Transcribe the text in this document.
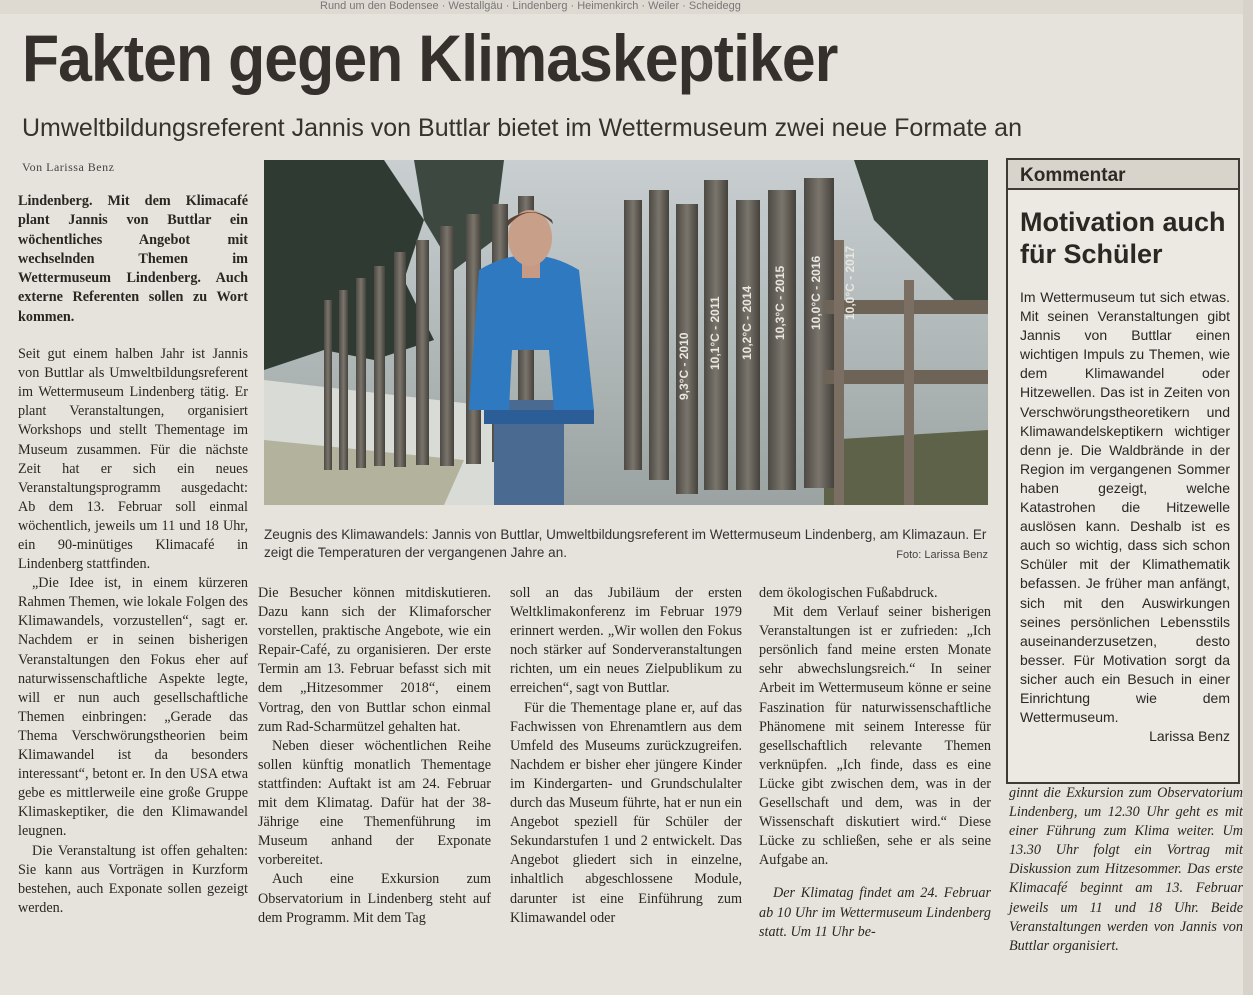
Rund um den Bodensee · Westallgäu · Lindenberg · Heimenkirch · Weiler · Scheidegg
Fakten gegen Klimaskeptiker
Umweltbildungsreferent Jannis von Buttlar bietet im Wettermuseum zwei neue Formate an
Von Larissa Benz

Lindenberg. Mit dem Klimacafé plant Jannis von Buttlar ein wöchentliches Angebot mit wechselnden Themen im Wettermuseum Lindenberg. Auch externe Referenten sollen zu Wort kommen.

Seit gut einem halben Jahr ist Jannis von Buttlar als Umweltbildungsreferent im Wettermuseum Lindenberg tätig. Er plant Veranstaltungen, organisiert Workshops und stellt Thementage im Museum zusammen. Für die nächste Zeit hat er sich ein neues Veranstaltungsprogramm ausgedacht: Ab dem 13. Februar soll einmal wöchentlich, jeweils um 11 und 18 Uhr, ein 90-minütiges Klimacafé in Lindenberg stattfinden.

„Die Idee ist, in einem kürzeren Rahmen Themen, wie lokale Folgen des Klimawandels, vorzustellen“, sagt er. Nachdem er in seinen bisherigen Veranstaltungen den Fokus eher auf naturwissenschaftliche Aspekte legte, will er nun auch gesellschaftliche Themen einbringen: „Gerade das Thema Verschwörungstheorien beim Klimawandel ist da besonders interessant“, betont er. In den USA etwa gebe es mittlerweile eine große Gruppe Klimaskeptiker, die den Klimawandel leugnen.

Die Veranstaltung ist offen gehalten: Sie kann aus Vorträgen in Kurzform bestehen, auch Exponate sollen gezeigt werden.

9,3°C - 2010 10,1°C - 2011 10,2°C - 2014 10,3°C - 2015 10,0°C - 2016 10,0°C - 2017
Zeugnis des Klimawandels: Jannis von Buttlar, Umweltbildungsreferent im Wettermuseum Lindenberg, am Klimazaun. Er zeigt die Temperaturen der vergangenen Jahre an.	Foto: Larissa Benz

Die Besucher können mitdiskutieren. Dazu kann sich der Klimaforscher vorstellen, praktische Angebote, wie ein Repair-Café, zu organisieren. Der erste Termin am 13. Februar befasst sich mit dem „Hitzesommer 2018“, einem Vortrag, den von Buttlar schon einmal zum Rad-Scharmützel gehalten hat.

Neben dieser wöchentlichen Reihe sollen künftig monatlich Thementage stattfinden: Auftakt ist am 24. Februar mit dem Klimatag. Dafür hat der 38-Jährige eine Themenführung im Museum anhand der Exponate vorbereitet.

Auch eine Exkursion zum Observatorium in Lindenberg steht auf dem Programm. Mit dem Tag

soll an das Jubiläum der ersten Weltklimakonferenz im Februar 1979 erinnert werden. „Wir wollen den Fokus noch stärker auf Sonderveranstaltungen richten, um ein neues Zielpublikum zu erreichen“, sagt von Buttlar.

Für die Thementage plane er, auf das Fachwissen von Ehrenamtlern aus dem Umfeld des Museums zurückzugreifen. Nachdem er bisher eher jüngere Kinder im Kindergarten- und Grundschulalter durch das Museum führte, hat er nun ein Angebot speziell für Schüler der Sekundarstufen 1 und 2 entwickelt. Das Angebot gliedert sich in einzelne, inhaltlich abgeschlossene Module, darunter ist eine Einführung zum Klimawandel oder

dem ökologischen Fußabdruck.

Mit dem Verlauf seiner bisherigen Veranstaltungen ist er zufrieden: „Ich persönlich fand meine ersten Monate sehr abwechslungsreich.“ In seiner Arbeit im Wettermuseum könne er seine Faszination für naturwissenschaftliche Phänomene mit seinem Interesse für gesellschaftlich relevante Themen verknüpfen. „Ich finde, dass es eine Lücke gibt zwischen dem, was in der Gesellschaft und dem, was in der Wissenschaft diskutiert wird.“ Diese Lücke zu schließen, sehe er als seine Aufgabe an.

Der Klimatag findet am 24. Februar ab 10 Uhr im Wettermuseum Lindenberg statt. Um 11 Uhr be-

ginnt die Exkursion zum Observatorium Lindenberg, um 12.30 Uhr geht es mit einer Führung zum Klima weiter. Um 13.30 Uhr folgt ein Vortrag mit Diskussion zum Hitzesommer. Das erste Klimacafé beginnt am 13. Februar jeweils um 11 und 18 Uhr. Beide Veranstaltungen werden von Jannis von Buttlar organisiert.

Kommentar
Motivation auch für Schüler
Im Wettermuseum tut sich etwas. Mit seinen Veranstaltungen gibt Jannis von Buttlar einen wichtigen Impuls zu Themen, wie dem Klimawandel oder Hitzewellen. Das ist in Zeiten von Verschwörungstheoretikern und Klimawandelskeptikern wichtiger denn je. Die Waldbrände in der Region im vergangenen Sommer haben gezeigt, welche Katastrohen die Hitzewelle auslösen kann. Deshalb ist es auch so wichtig, dass sich schon Schüler mit der Klimathematik befassen. Je früher man anfängt, sich mit den Auswirkungen seines persönlichen Lebensstils auseinanderzusetzen, desto besser. Für Motivation sorgt da sicher auch ein Besuch in einer Einrichtung wie dem Wettermuseum.
Larissa Benz
